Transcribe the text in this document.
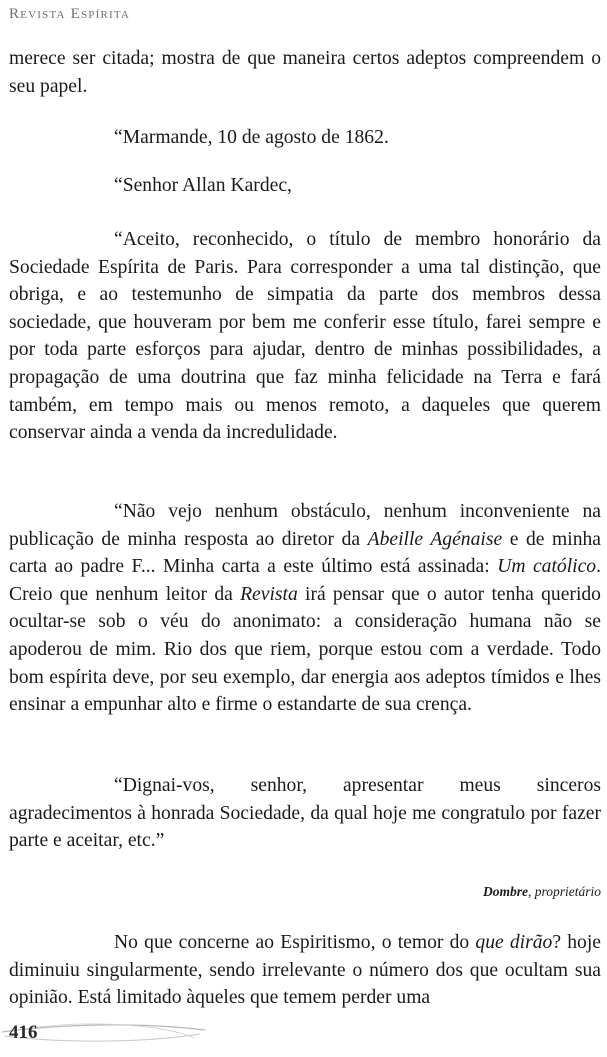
Revista Espírita

merece ser citada; mostra de que maneira certos adeptos compreendem o seu papel.

“Marmande, 10 de agosto de 1862.

“Senhor Allan Kardec,

“Aceito, reconhecido, o título de membro honorário da Sociedade Espírita de Paris. Para corresponder a uma tal distinção, que obriga, e ao testemunho de simpatia da parte dos membros dessa sociedade, que houveram por bem me conferir esse título, farei sempre e por toda parte esforços para ajudar, dentro de minhas possibilidades, a propagação de uma doutrina que faz minha felicidade na Terra e fará também, em tempo mais ou menos remoto, a daqueles que querem conservar ainda a venda da incredulidade.

“Não vejo nenhum obstáculo, nenhum inconveniente na publicação de minha resposta ao diretor da Abeille Agénaise e de minha carta ao padre F... Minha carta a este último está assinada: Um católico. Creio que nenhum leitor da Revista irá pensar que o autor tenha querido ocultar-se sob o véu do anonimato: a consideração humana não se apoderou de mim. Rio dos que riem, porque estou com a verdade. Todo bom espírita deve, por seu exemplo, dar energia aos adeptos tímidos e lhes ensinar a empunhar alto e firme o estandarte de sua crença.

“Dignai-vos, senhor, apresentar meus sinceros agradecimentos à honrada Sociedade, da qual hoje me congratulo por fazer parte e aceitar, etc.”

Dombre, proprietário

No que concerne ao Espiritismo, o temor do que dirão? hoje diminuiu singularmente, sendo irrelevante o número dos que ocultam sua opinião. Está limitado àqueles que temem perder uma

416
